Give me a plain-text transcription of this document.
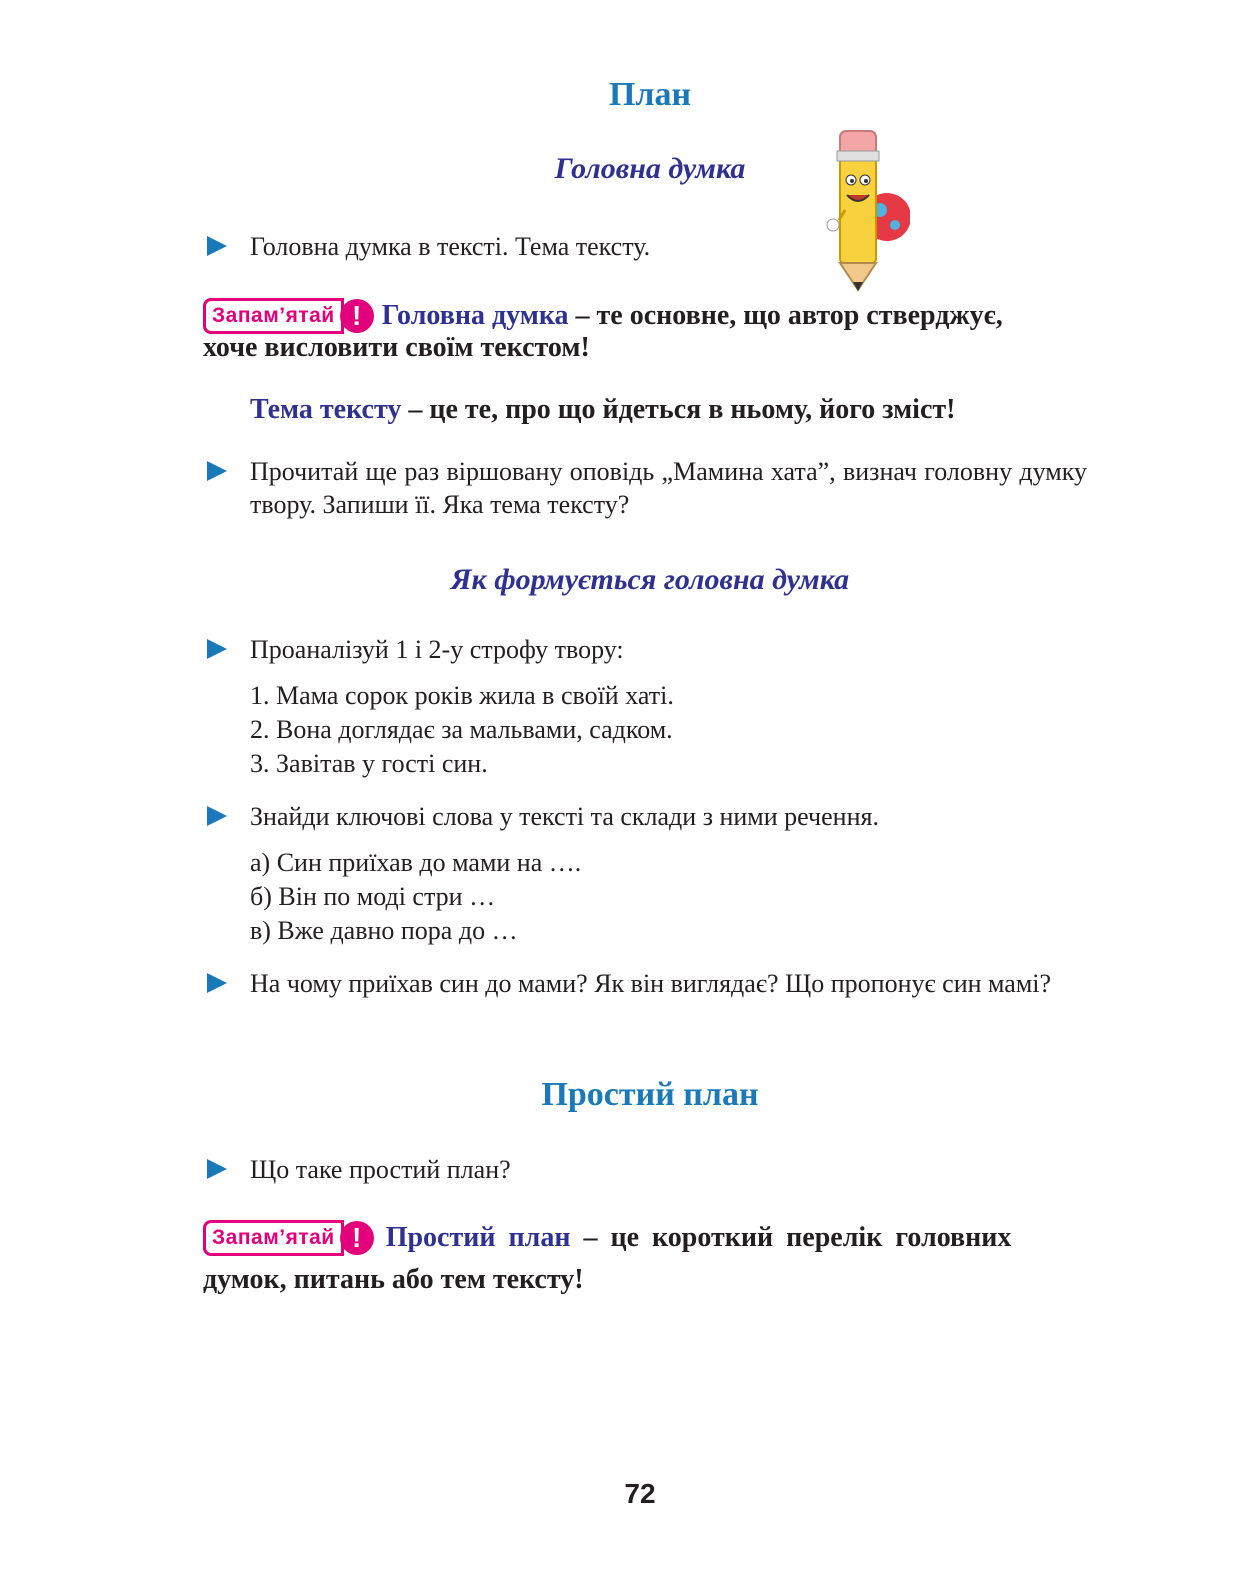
План
Головна думка
Головна думка в тексті. Тема тексту.
Запам’ятай ! Головна думка – те основне, що автор стверджує,
хоче висловити своїм текстом!
Тема тексту – це те, про що йдеться в ньому, його зміст!
Прочитай ще раз віршовану оповідь „Мамина хата”, визнач головну думку твору. Запиши її. Яка тема тексту?
Як формується головна думка
Проаналізуй 1 і 2-у строфу твору:
1. Мама сорок років жила в своїй хаті.
2. Вона доглядає за мальвами, садком.
3. Завітав у гості син.
Знайди ключові слова у тексті та склади з ними речення.
а) Син приїхав до мами на ….
б) Він по моді стри …
в) Вже давно пора до …
На чому приїхав син до мами? Як він виглядає? Що пропонує син мамі?
Простий план
Що таке простий план?
Запам’ятай ! Простий план – це короткий перелік головних
думок, питань або тем тексту!
72
